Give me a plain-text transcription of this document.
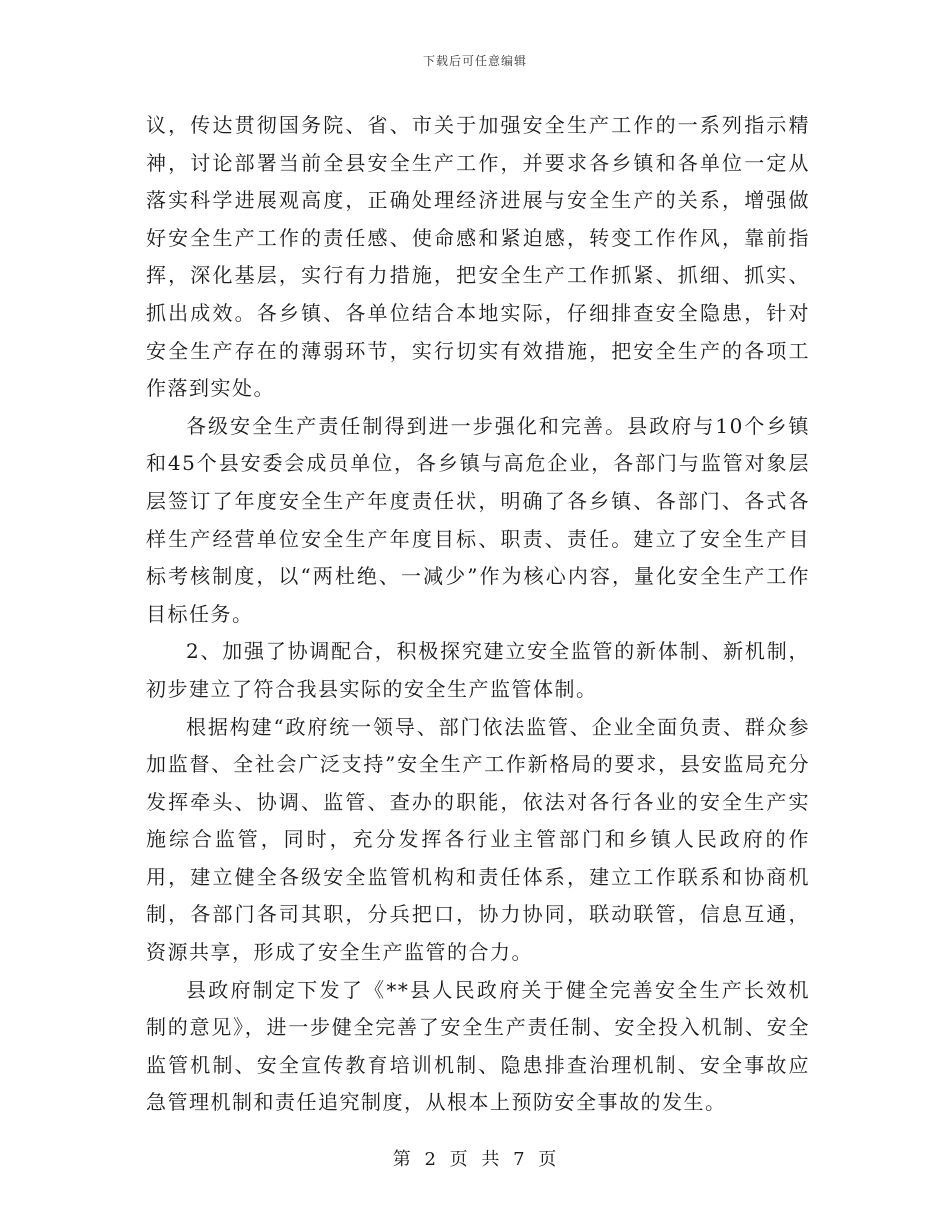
下载后可任意编辑

议，传达贯彻国务院、省、市关于加强安全生产工作的一系列指示精神，讨论部署当前全县安全生产工作，并要求各乡镇和各单位一定从落实科学进展观高度，正确处理经济进展与安全生产的关系，增强做好安全生产工作的责任感、使命感和紧迫感，转变工作作风，靠前指挥，深化基层，实行有力措施，把安全生产工作抓紧、抓细、抓实、抓出成效。各乡镇、各单位结合本地实际，仔细排查安全隐患，针对安全生产存在的薄弱环节，实行切实有效措施，把安全生产的各项工作落到实处。

各级安全生产责任制得到进一步强化和完善。县政府与10个乡镇和45个县安委会成员单位，各乡镇与高危企业，各部门与监管对象层层签订了年度安全生产年度责任状，明确了各乡镇、各部门、各式各样生产经营单位安全生产年度目标、职责、责任。建立了安全生产目标考核制度，以“两杜绝、一减少”作为核心内容，量化安全生产工作目标任务。

2、加强了协调配合，积极探究建立安全监管的新体制、新机制，初步建立了符合我县实际的安全生产监管体制。

根据构建“政府统一领导、部门依法监管、企业全面负责、群众参加监督、全社会广泛支持”安全生产工作新格局的要求，县安监局充分发挥牵头、协调、监管、查办的职能，依法对各行各业的安全生产实施综合监管，同时，充分发挥各行业主管部门和乡镇人民政府的作用，建立健全各级安全监管机构和责任体系，建立工作联系和协商机制，各部门各司其职，分兵把口，协力协同，联动联管，信息互通，资源共享，形成了安全生产监管的合力。

县政府制定下发了《**县人民政府关于健全完善安全生产长效机制的意见》，进一步健全完善了安全生产责任制、安全投入机制、安全监管机制、安全宣传教育培训机制、隐患排查治理机制、安全事故应急管理机制和责任追究制度，从根本上预防安全事故的发生。

第 2 页 共 7 页
